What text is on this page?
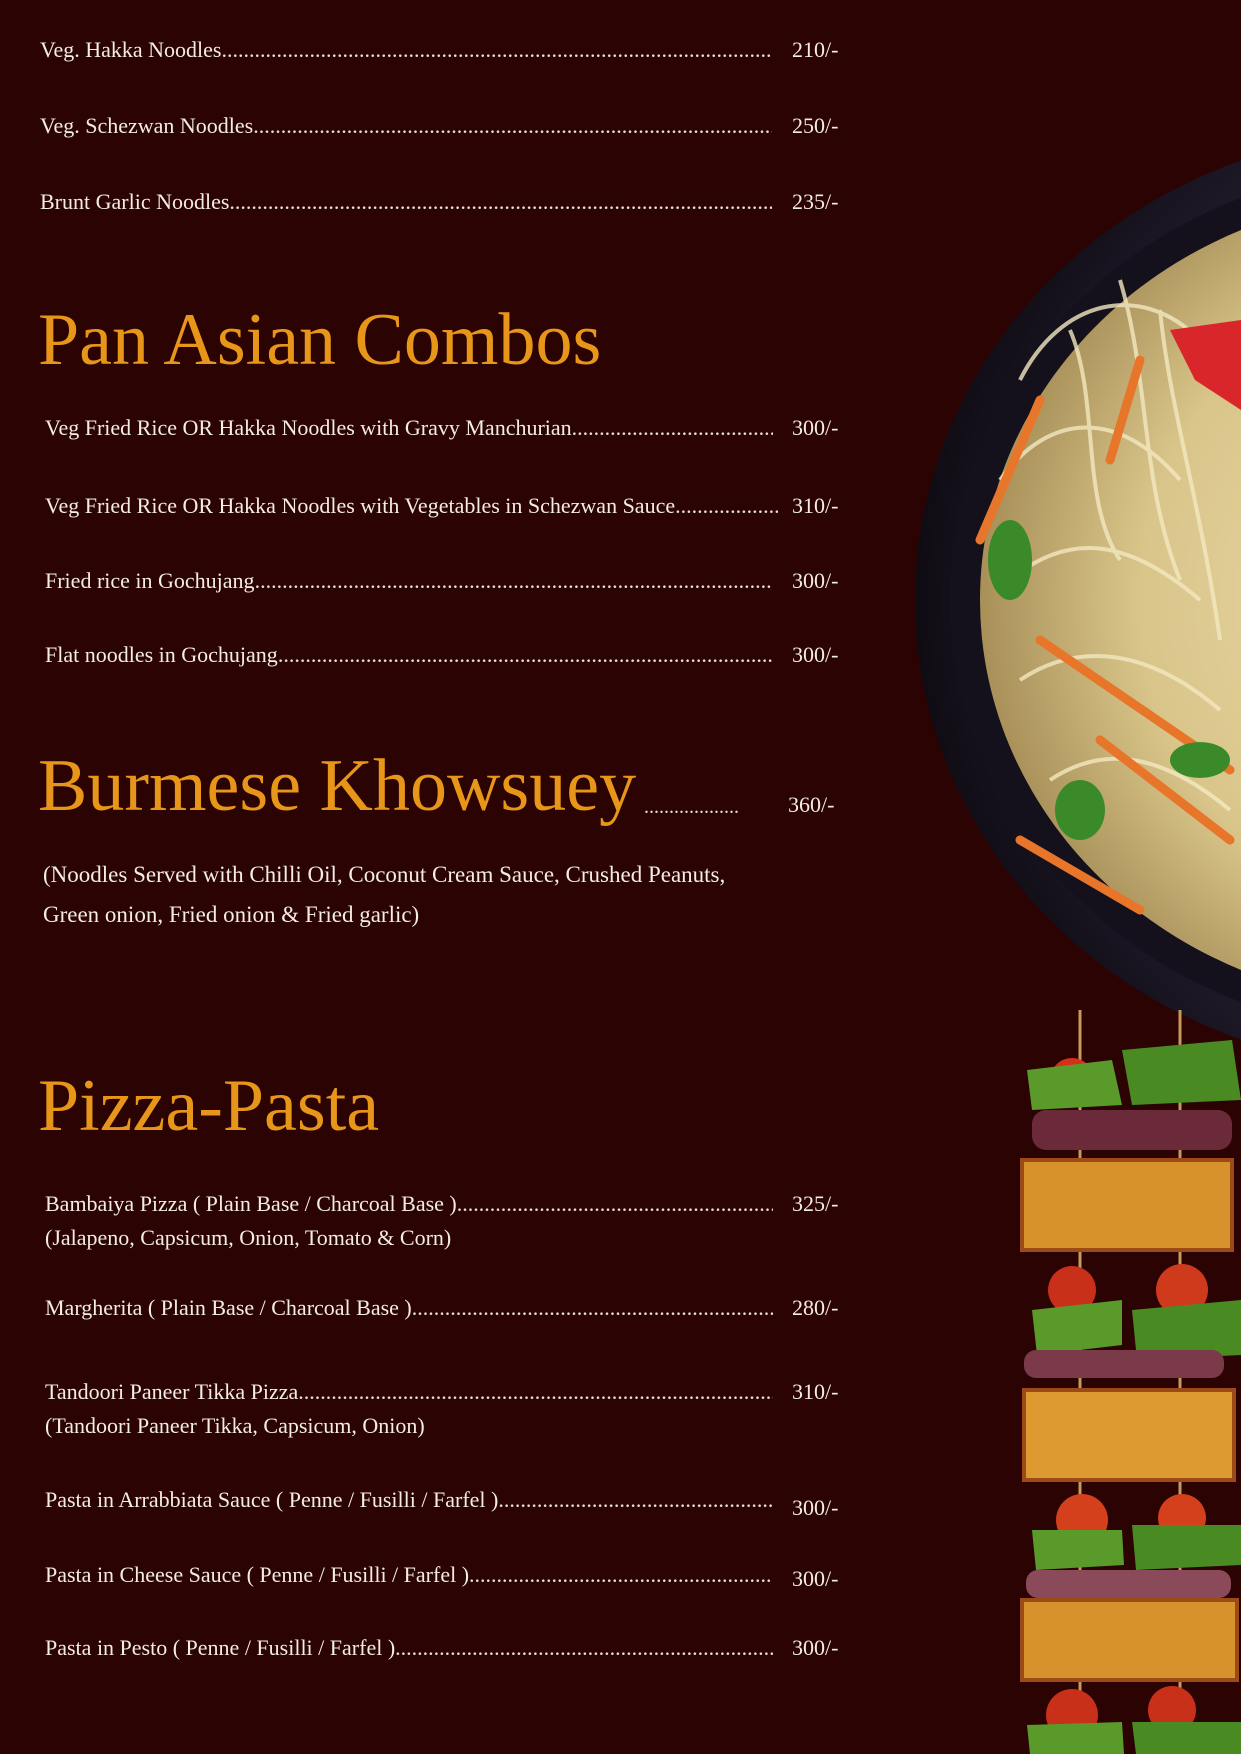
Veg. Hakka Noodles .....	210/-
Veg. Schezwan Noodles .....	250/-
Brunt Garlic Noodles .....	235/-
Pan Asian Combos
Veg Fried Rice OR Hakka Noodles with Gravy Manchurian .....	300/-
Veg Fried Rice OR Hakka Noodles with Vegetables in Schezwan Sauce .....	310/-
Fried rice in Gochujang .....	300/-
Flat noodles in Gochujang .....	300/-
Burmese Khowsuey ................... 360/-
(Noodles Served with Chilli Oil, Coconut Cream Sauce, Crushed Peanuts,
Green onion, Fried onion & Fried garlic)
Pizza-Pasta
Bambaiya Pizza ( Plain Base / Charcoal Base ) .....	325/-
(Jalapeno, Capsicum, Onion, Tomato & Corn)
Margherita ( Plain Base / Charcoal Base ) .....	280/-
Tandoori Paneer Tikka Pizza .....	310/-
(Tandoori Paneer Tikka, Capsicum, Onion)
Pasta in Arrabbiata Sauce ( Penne / Fusilli / Farfel ) .....	300/-
Pasta in Cheese Sauce ( Penne / Fusilli / Farfel ) .....	300/-
Pasta in Pesto ( Penne / Fusilli / Farfel ) .....	300/-
